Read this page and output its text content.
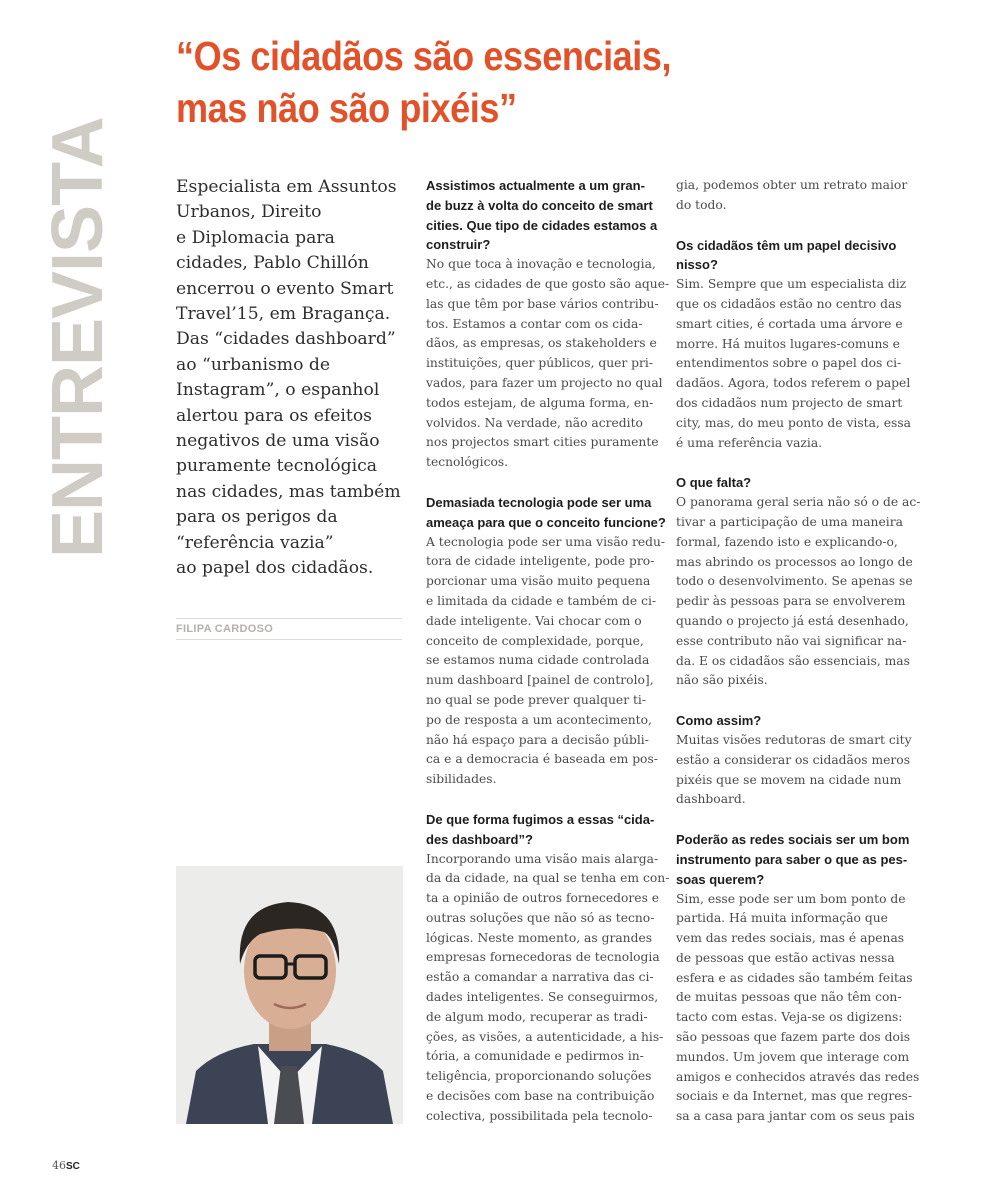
“Os cidadãos são essenciais,
mas não são pixéis”
ENTREVISTA	Especialista em Assuntos
Urbanos, Direito
e Diplomacia para
cidades, Pablo Chillón
encerrou o evento Smart
Travel’15, em Bragança.
Das “cidades dashboard”
ao “urbanismo de
Instagram”, o espanhol
alertou para os efeitos
negativos de uma visão
puramente tecnológica
nas cidades, mas também
para os perigos da
“referência vazia”
ao papel dos cidadãos.

FILIPA CARDOSO

Assistimos actualmente a um gran-
de buzz à volta do conceito de smart
cities. Que tipo de cidades estamos a
construir?

No que toca à inovação e tecnologia,
etc., as cidades de que gosto são aque-
las que têm por base vários contribu-
tos. Estamos a contar com os cida-
dãos, as empresas, os stakeholders e
instituições, quer públicos, quer pri-
vados, para fazer um projecto no qual
todos estejam, de alguma forma, en-
volvidos. Na verdade, não acredito
nos projectos smart cities puramente
tecnológicos.

Demasiada tecnologia pode ser uma
ameaça para que o conceito funcione?

A tecnologia pode ser uma visão redu-
tora de cidade inteligente, pode pro-
porcionar uma visão muito pequena
e limitada da cidade e também de ci-
dade inteligente. Vai chocar com o
conceito de complexidade, porque,
se estamos numa cidade controlada
num dashboard [painel de controlo],
no qual se pode prever qualquer ti-
po de resposta a um acontecimento,
não há espaço para a decisão públi-
ca e a democracia é baseada em pos-
sibilidades.

De que forma fugimos a essas “cida-
des dashboard”?

Incorporando uma visão mais alarga-
da da cidade, na qual se tenha em con-
ta a opinião de outros fornecedores e
outras soluções que não só as tecno-
lógicas. Neste momento, as grandes
empresas fornecedoras de tecnologia
estão a comandar a narrativa das ci-
dades inteligentes. Se conseguirmos,
de algum modo, recuperar as tradi-
ções, as visões, a autenticidade, a his-
tória, a comunidade e pedirmos in-
teligência, proporcionando soluções
e decisões com base na contribuição
colectiva, possibilitada pela tecnolo-

gia, podemos obter um retrato maior
do todo.

Os cidadãos têm um papel decisivo
nisso?

Sim. Sempre que um especialista diz
que os cidadãos estão no centro das
smart cities, é cortada uma árvore e
morre. Há muitos lugares-comuns e
entendimentos sobre o papel dos ci-
dadãos. Agora, todos referem o papel
dos cidadãos num projecto de smart
city, mas, do meu ponto de vista, essa
é uma referência vazia.

O que falta?

O panorama geral seria não só o de ac-
tivar a participação de uma maneira
formal, fazendo isto e explicando-o,
mas abrindo os processos ao longo de
todo o desenvolvimento. Se apenas se
pedir às pessoas para se envolverem
quando o projecto já está desenhado,
esse contributo não vai significar na-
da. E os cidadãos são essenciais, mas
não são pixéis.

Como assim?

Muitas visões redutoras de smart city
estão a considerar os cidadãos meros
pixéis que se movem na cidade num
dashboard.

Poderão as redes sociais ser um bom
instrumento para saber o que as pes-
soas querem?

Sim, esse pode ser um bom ponto de
partida. Há muita informação que
vem das redes sociais, mas é apenas
de pessoas que estão activas nessa
esfera e as cidades são também feitas
de muitas pessoas que não têm con-
tacto com estas. Veja-se os digizens:
são pessoas que fazem parte dos dois
mundos. Um jovem que interage com
amigos e conhecidos através das redes
sociais e da Internet, mas que regres-
sa a casa para jantar com os seus pais

46SC
